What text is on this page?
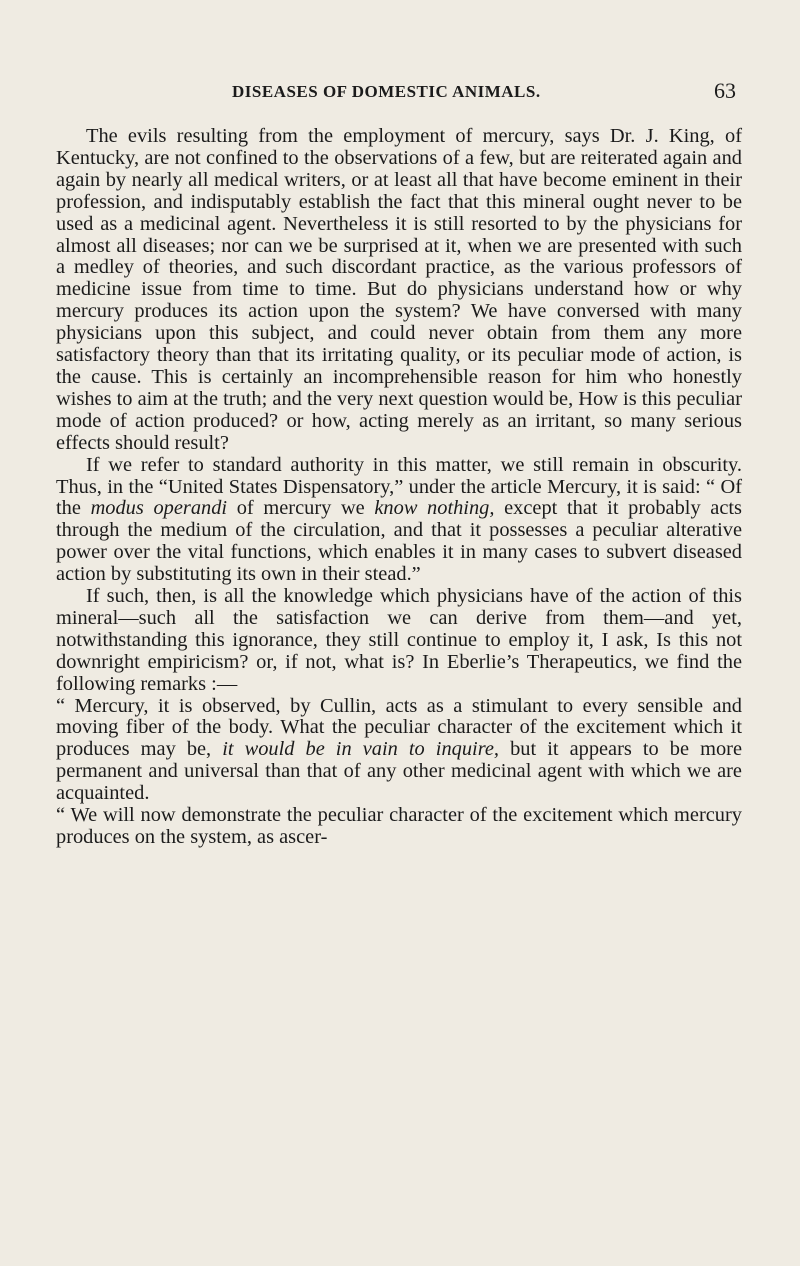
DISEASES OF DOMESTIC ANIMALS.	63

The evils resulting from the employment of mercury, says Dr. J. King, of Kentucky, are not confined to the observations of a few, but are reiterated again and again by nearly all medical writers, or at least all that have become eminent in their profession, and indisputably establish the fact that this mineral ought never to be used as a medicinal agent. Nevertheless it is still resorted to by the physicians for almost all diseases; nor can we be surprised at it, when we are presented with such a medley of theories, and such discordant practice, as the various professors of medicine issue from time to time. But do physicians understand how or why mercury produces its action upon the system? We have conversed with many physicians upon this subject, and could never obtain from them any more satisfactory theory than that its irritating quality, or its peculiar mode of action, is the cause. This is certainly an incomprehensible reason for him who honestly wishes to aim at the truth; and the very next question would be, How is this peculiar mode of action produced? or how, acting merely as an irritant, so many serious effects should result?

If we refer to standard authority in this matter, we still remain in obscurity. Thus, in the “United States Dispensatory,” under the article Mercury, it is said: “ Of the modus operandi of mercury we know nothing, except that it probably acts through the medium of the circulation, and that it possesses a peculiar alterative power over the vital functions, which enables it in many cases to subvert diseased action by substituting its own in their stead.”

If such, then, is all the knowledge which physicians have of the action of this mineral—such all the satisfaction we can derive from them—and yet, notwithstanding this ignorance, they still continue to employ it, I ask, Is this not downright empiricism? or, if not, what is? In Eberlie’s Therapeutics, we find the following remarks :—

“ Mercury, it is observed, by Cullin, acts as a stimulant to every sensible and moving fiber of the body. What the peculiar character of the excitement which it produces may be, it would be in vain to inquire, but it appears to be more permanent and universal than that of any other medicinal agent with which we are acquainted.

“ We will now demonstrate the peculiar character of the excitement which mercury produces on the system, as ascer-
